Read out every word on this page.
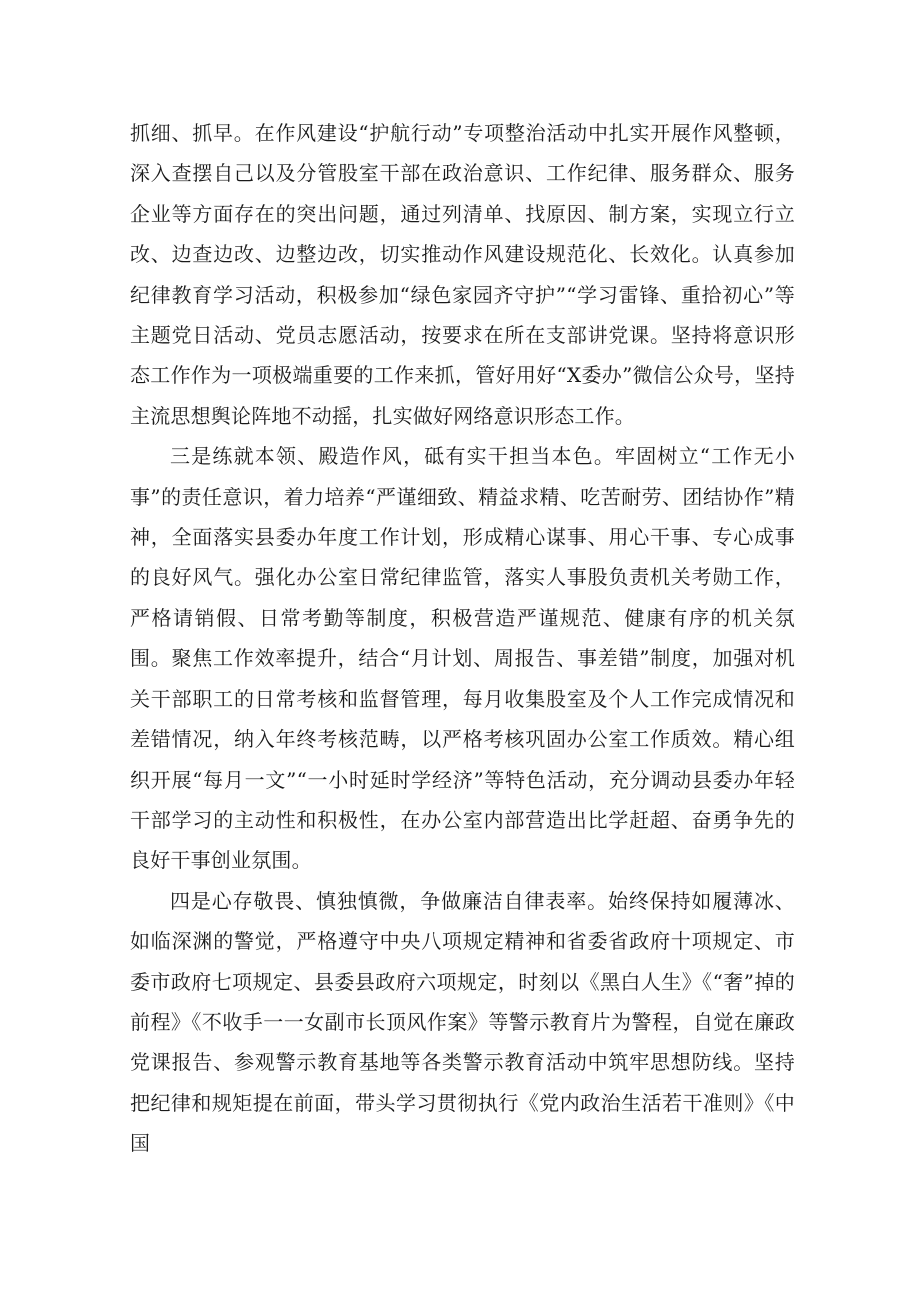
抓细、抓早。在作风建设“护航行动”专项整治活动中扎实开展作风整顿，深入查摆自己以及分管股室干部在政治意识、工作纪律、服务群众、服务企业等方面存在的突出问题，通过列清单、找原因、制方案，实现立行立改、边查边改、边整边改，切实推动作风建设规范化、长效化。认真参加纪律教育学习活动，积极参加“绿色家园齐守护”“学习雷锋、重拾初心”等主题党日活动、党员志愿活动，按要求在所在支部讲党课。坚持将意识形态工作作为一项极端重要的工作来抓，管好用好“X委办”微信公众号，坚持主流思想舆论阵地不动摇，扎实做好网络意识形态工作。

三是练就本领、殿造作风，砥有实干担当本色。牢固树立“工作无小事”的责任意识，着力培养“严谨细致、精益求精、吃苦耐劳、团结协作”精神，全面落实县委办年度工作计划，形成精心谋事、用心干事、专心成事的良好风气。强化办公室日常纪律监管，落实人事股负责机关考勋工作，严格请销假、日常考勤等制度，积极营造严谨规范、健康有序的机关氛围。聚焦工作效率提升，结合“月计划、周报告、事差错”制度，加强对机关干部职工的日常考核和监督管理，每月收集股室及个人工作完成情况和差错情况，纳入年终考核范畴，以严格考核巩固办公室工作质效。精心组织开展“每月一文”“一小时延时学经济”等特色活动，充分调动县委办年轻干部学习的主动性和积极性，在办公室内部营造出比学赶超、奋勇争先的良好干事创业氛围。

四是心存敬畏、慎独慎微，争做廉洁自律表率。始终保持如履薄冰、如临深渊的警觉，严格遵守中央八项规定精神和省委省政府十项规定、市委市政府七项规定、县委县政府六项规定，时刻以《黑白人生》《“奢”掉的前程》《不收手一一女副市长顶风作案》等警示教育片为警程，自觉在廉政党课报告、参观警示教育基地等各类警示教育活动中筑牢思想防线。坚持把纪律和规矩提在前面，带头学习贯彻执行《党内政治生活若干准则》《中国
